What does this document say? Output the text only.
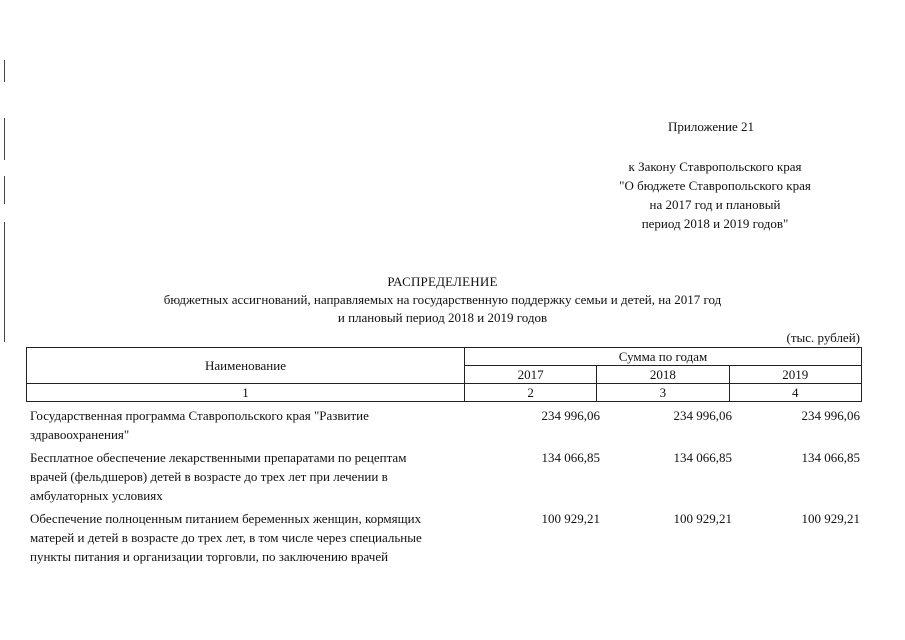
Приложение 21
к Закону Ставропольского края
"О бюджете Ставропольского края
на 2017 год и плановый
период 2018 и 2019 годов"
РАСПРЕДЕЛЕНИЕ
бюджетных ассигнований, направляемых на государственную поддержку семьи и детей, на 2017 год
и плановый период 2018 и 2019 годов
(тыс. рублей)
Наименование	Сумма по годам		
	2017	2018	2019
1	2	3	4
Государственная программа Ставропольского края "Развитие здравоохранения"
234 996,06	234 996,06	234 996,06
Бесплатное обеспечение лекарственными препаратами по рецептам врачей (фельдшеров) детей в возрасте до трех лет при лечении в амбулаторных условиях
134 066,85	134 066,85	134 066,85
Обеспечение полноценным питанием беременных женщин, кормящих матерей и детей в возрасте до трех лет, в том числе через специальные пункты питания и организации торговли, по заключению врачей
100 929,21	100 929,21	100 929,21
